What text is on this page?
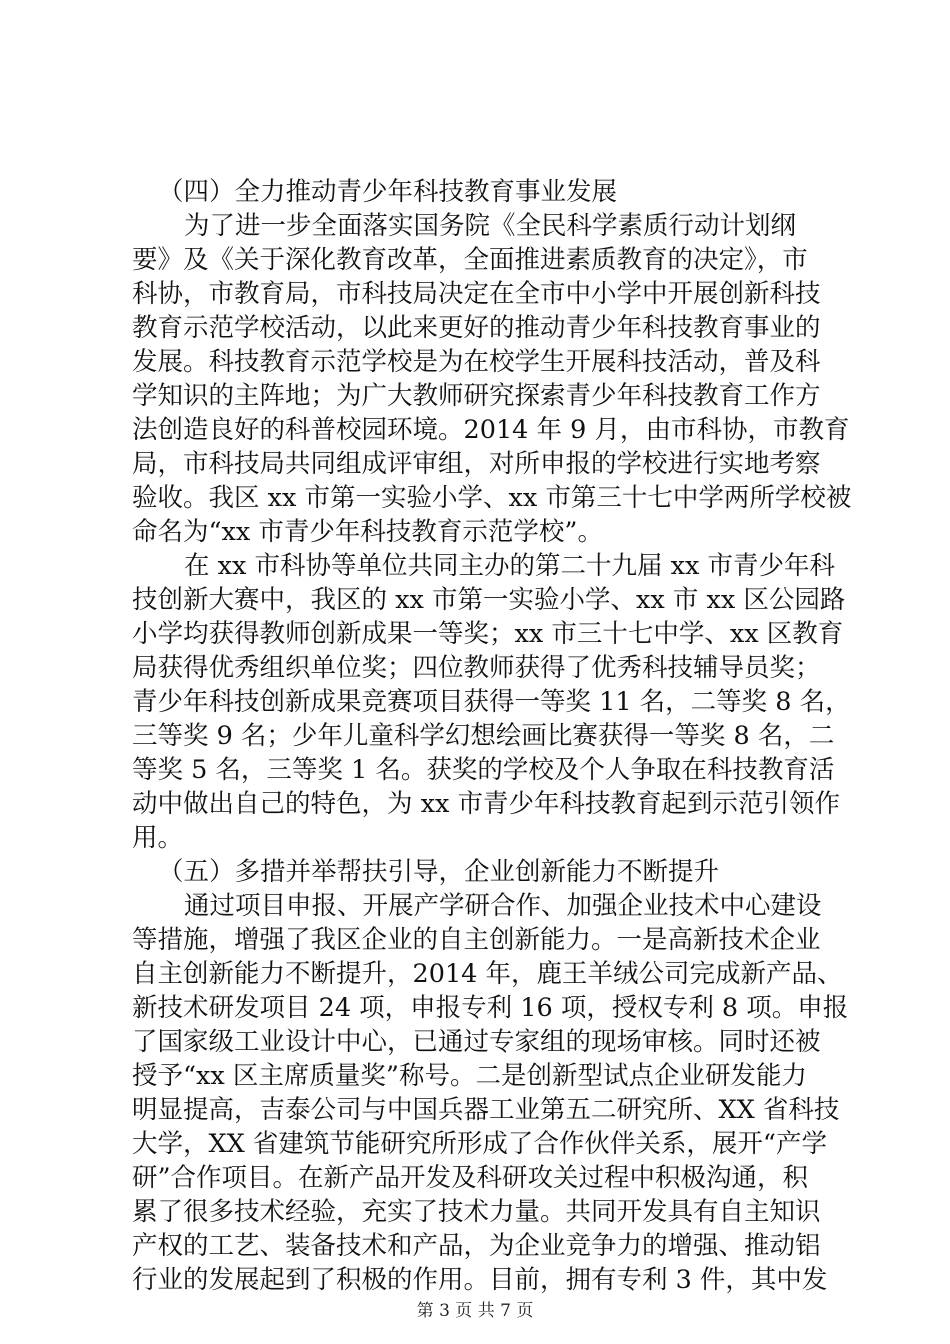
（四）全力推动青少年科技教育事业发展
为了进一步全面落实国务院《全民科学素质行动计划纲
要》及《关于深化教育改革，全面推进素质教育的决定》，市
科协，市教育局，市科技局决定在全市中小学中开展创新科技
教育示范学校活动，以此来更好的推动青少年科技教育事业的
发展。科技教育示范学校是为在校学生开展科技活动，普及科
学知识的主阵地；为广大教师研究探索青少年科技教育工作方
法创造良好的科普校园环境。2014 年 9 月，由市科协，市教育
局，市科技局共同组成评审组，对所申报的学校进行实地考察
验收。我区 xx 市第一实验小学、xx 市第三十七中学两所学校被
命名为“xx 市青少年科技教育示范学校”。
在 xx 市科协等单位共同主办的第二十九届 xx 市青少年科
技创新大赛中，我区的 xx 市第一实验小学、xx 市 xx 区公园路
小学均获得教师创新成果一等奖；xx 市三十七中学、xx 区教育
局获得优秀组织单位奖；四位教师获得了优秀科技辅导员奖；
青少年科技创新成果竞赛项目获得一等奖 11 名，二等奖 8 名，
三等奖 9 名；少年儿童科学幻想绘画比赛获得一等奖 8 名，二
等奖 5 名，三等奖 1 名。获奖的学校及个人争取在科技教育活
动中做出自己的特色，为 xx 市青少年科技教育起到示范引领作
用。
（五）多措并举帮扶引导，企业创新能力不断提升
通过项目申报、开展产学研合作、加强企业技术中心建设
等措施，增强了我区企业的自主创新能力。一是高新技术企业
自主创新能力不断提升，2014 年，鹿王羊绒公司完成新产品、
新技术研发项目 24 项，申报专利 16 项，授权专利 8 项。申报
了国家级工业设计中心，已通过专家组的现场审核。同时还被
授予“xx 区主席质量奖”称号。二是创新型试点企业研发能力
明显提高，吉泰公司与中国兵器工业第五二研究所、XX 省科技
大学，XX 省建筑节能研究所形成了合作伙伴关系，展开“产学
研”合作项目。在新产品开发及科研攻关过程中积极沟通，积
累了很多技术经验，充实了技术力量。共同开发具有自主知识
产权的工艺、装备技术和产品，为企业竞争力的增强、推动铝
行业的发展起到了积极的作用。目前，拥有专利 3 件，其中发
第 3 页 共 7 页
